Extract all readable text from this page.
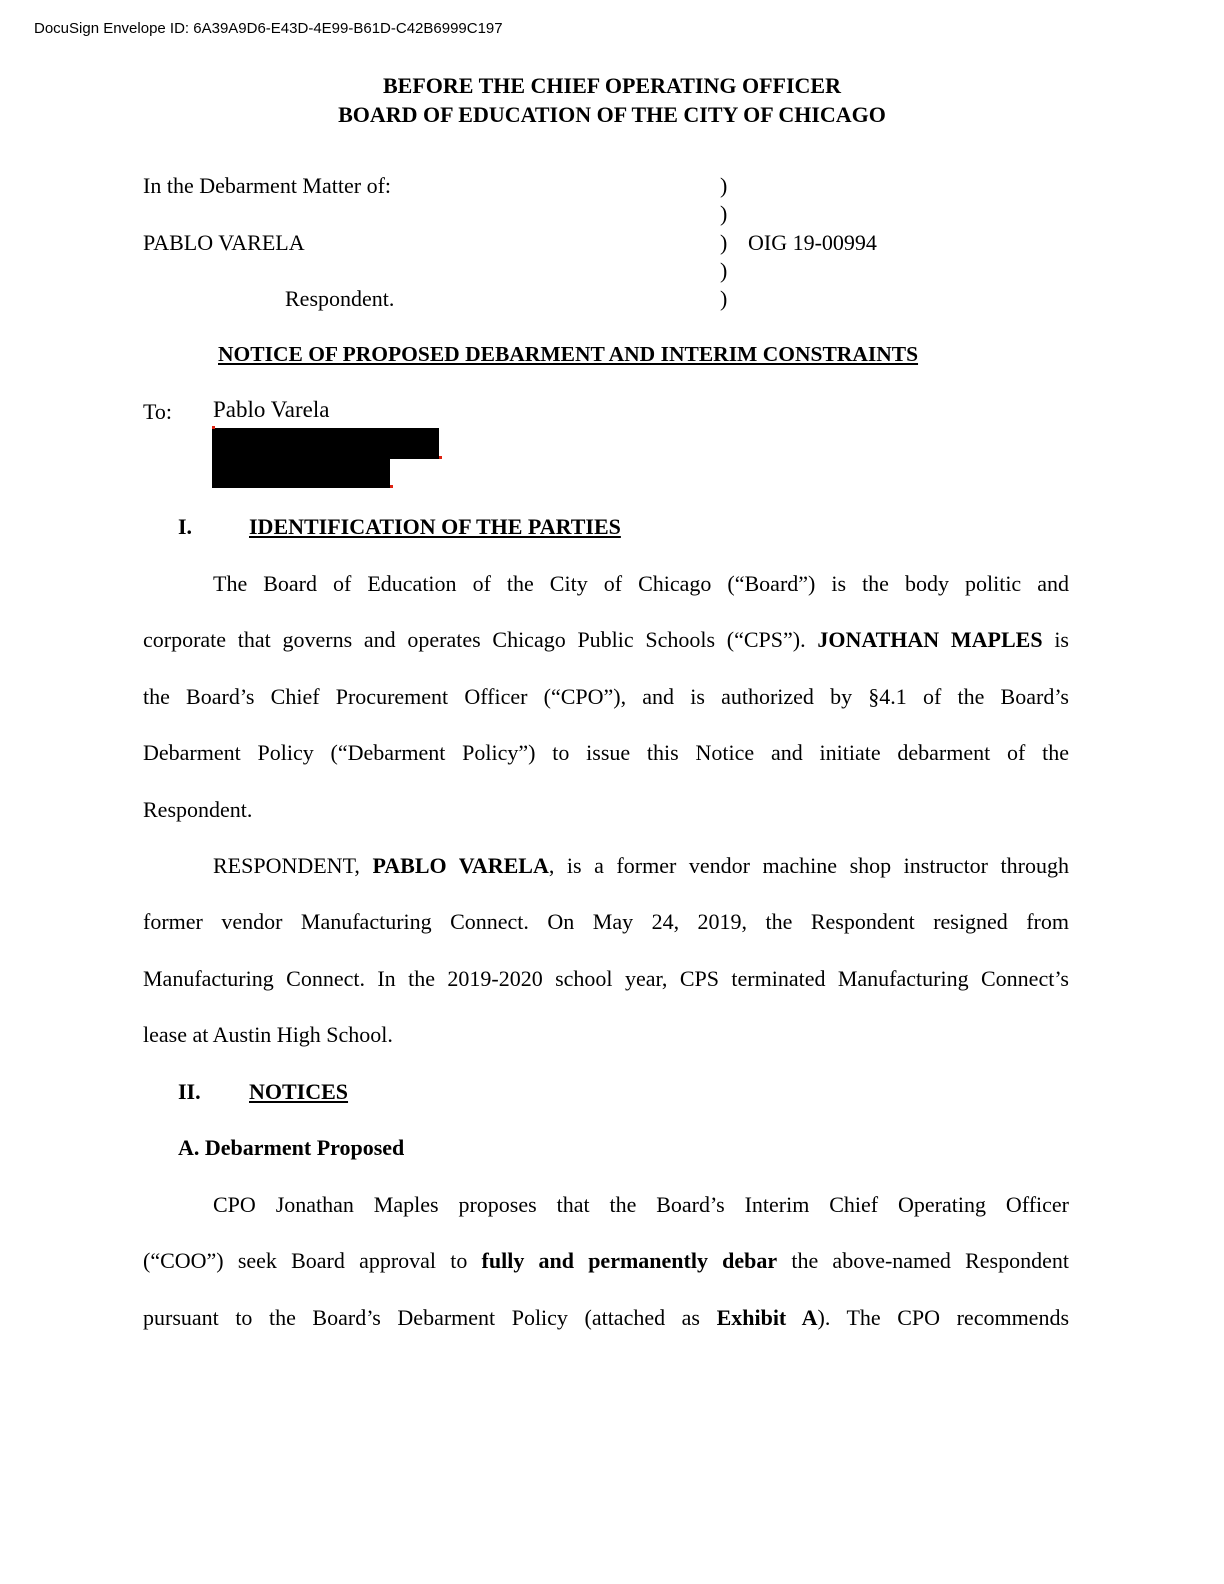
DocuSign Envelope ID: 6A39A9D6-E43D-4E99-B61D-C42B6999C197
BEFORE THE CHIEF OPERATING OFFICER
BOARD OF EDUCATION OF THE CITY OF CHICAGO
In the Debarment Matter of:
PABLO VARELA
Respondent.
)
)
)
)
)
OIG 19-00994
NOTICE OF PROPOSED DEBARMENT AND INTERIM CONSTRAINTS
To: Pablo Varela
I.	IDENTIFICATION OF THE PARTIES
The Board of Education of the City of Chicago (“Board”) is the body politic and
corporate that governs and operates Chicago Public Schools (“CPS”). JONATHAN MAPLES is
the Board’s Chief Procurement Officer (“CPO”), and is authorized by §4.1 of the Board’s
Debarment Policy (“Debarment Policy”) to issue this Notice and initiate debarment of the
Respondent.
RESPONDENT, PABLO VARELA, is a former vendor machine shop instructor through
former vendor Manufacturing Connect. On May 24, 2019, the Respondent resigned from
Manufacturing Connect. In the 2019-2020 school year, CPS terminated Manufacturing Connect’s
lease at Austin High School.
II. NOTICES
A. Debarment Proposed
CPO Jonathan Maples proposes that the Board’s Interim Chief Operating Officer
(“COO”) seek Board approval to fully and permanently debar the above-named Respondent
pursuant to the Board’s Debarment Policy (attached as Exhibit A). The CPO recommends
